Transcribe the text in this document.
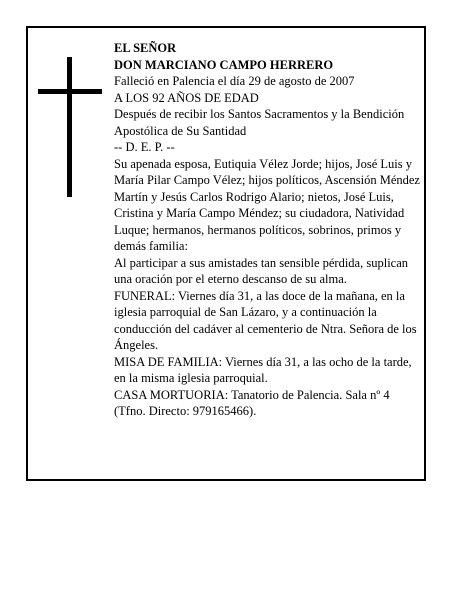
EL SEÑOR

DON MARCIANO CAMPO HERRERO

Falleció en Palencia el día 29 de agosto de 2007

A LOS 92 AÑOS DE EDAD

Después de recibir los Santos Sacramentos y la Bendición Apostólica de Su Santidad

-- D. E. P. --

Su apenada esposa, Eutiquia Vélez Jorde; hijos, José Luis y María Pilar Campo Vélez; hijos políticos, Ascensión Méndez Martín y Jesús Carlos Rodrigo Alario; nietos, José Luis, Cristina y María Campo Méndez; su ciudadora, Natividad Luque; hermanos, hermanos políticos, sobrinos, primos y demás familia:

Al participar a sus amistades tan sensible pérdida, suplican una oración por el eterno descanso de su alma.

FUNERAL: Viernes día 31, a las doce de la mañana, en la iglesia parroquial de San Lázaro, y a continuación la conducción del cadáver al cementerio de Ntra. Señora de los Ángeles.

MISA DE FAMILIA: Viernes día 31, a las ocho de la tarde, en la misma iglesia parroquial.

CASA MORTUORIA: Tanatorio de Palencia. Sala nº 4 (Tfno. Directo: 979165466).
